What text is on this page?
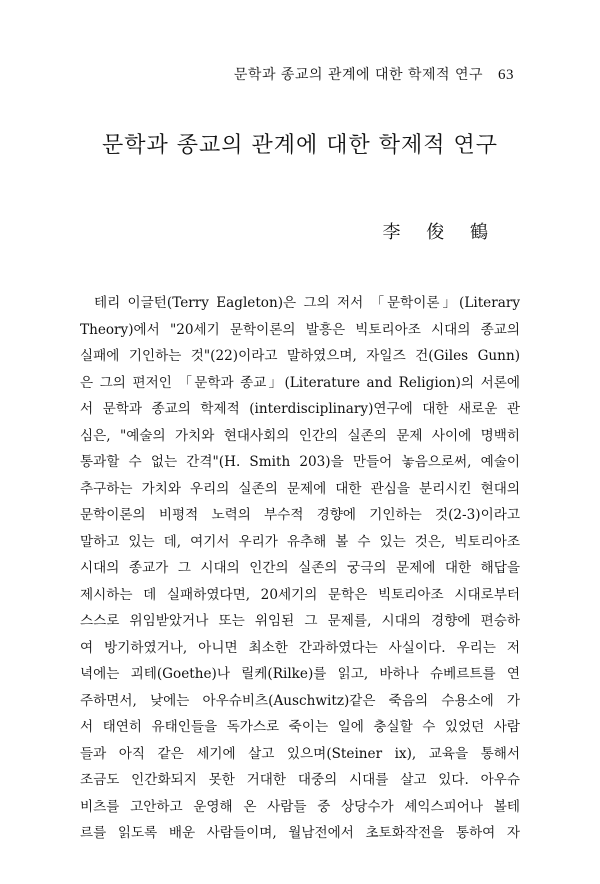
문학과 종교의 관계에 대한 학제적 연구 63
문학과 종교의 관계에 대한 학제적 연구
李 俊 鶴
테리 이글턴(Terry Eagleton)은 그의 저서 「문학이론」(Literary
Theory)에서 "20세기 문학이론의 발흥은 빅토리아조 시대의 종교의
실패에 기인하는 것"(22)이라고 말하였으며, 자일즈 건(Giles Gunn)
은 그의 편저인 「문학과 종교」(Literature and Religion)의 서론에
서 문학과 종교의 학제적 (interdisciplinary)연구에 대한 새로운 관
심은, "예술의 가치와 현대사회의 인간의 실존의 문제 사이에 명백히
통과할 수 없는 간격"(H. Smith 203)을 만들어 놓음으로써, 예술이
추구하는 가치와 우리의 실존의 문제에 대한 관심을 분리시킨 현대의
문학이론의 비평적 노력의 부수적 경향에 기인하는 것(2-3)이라고
말하고 있는 데, 여기서 우리가 유추해 볼 수 있는 것은, 빅토리아조
시대의 종교가 그 시대의 인간의 실존의 궁극의 문제에 대한 해답을
제시하는 데 실패하였다면, 20세기의 문학은 빅토리아조 시대로부터
스스로 위임받았거나 또는 위임된 그 문제를, 시대의 경향에 편승하
여 방기하였거나, 아니면 최소한 간과하였다는 사실이다. 우리는 저
녁에는 괴테(Goethe)나 릴케(Rilke)를 읽고, 바하나 슈베르트를 연
주하면서, 낮에는 아우슈비츠(Auschwitz)같은 죽음의 수용소에 가
서 태연히 유태인들을 독가스로 죽이는 일에 충실할 수 있었던 사람
들과 아직 같은 세기에 살고 있으며(Steiner ix), 교육을 통해서
조금도 인간화되지 못한 거대한 대중의 시대를 살고 있다. 아우슈
비츠를 고안하고 운영해 온 사람들 중 상당수가 셰익스피어나 볼테
르를 읽도록 배운 사람들이며, 월남전에서 초토화작전을 통하여 자
